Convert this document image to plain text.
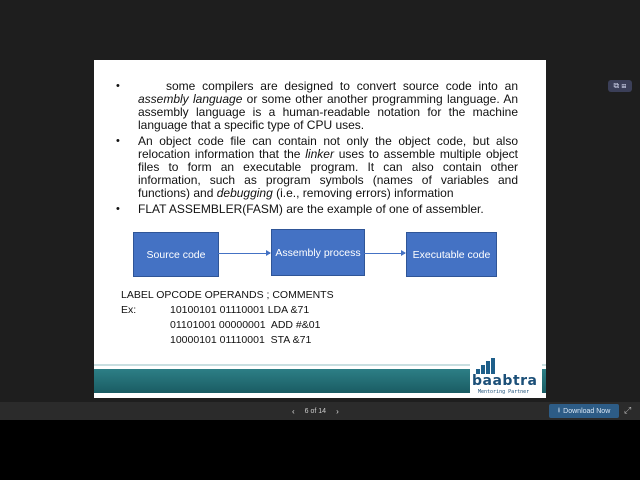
⧉ ⊞
•	some compilers are designed to convert source code into an assembly language or some other another programming language. An assembly language is a human-readable notation for the machine language that a specific type of CPU uses.
• An object code file can contain not only the object code, but also relocation information that the linker uses to assemble multiple object files to form an executable program. It can also contain other information, such as program symbols (names of variables and functions) and debugging (i.e., removing errors) information
• FLAT ASSEMBLER(FASM) are the example of one of assembler.
Source code	Assembly process	Executable code
LABEL OPCODE OPERANDS ; COMMENTS

Ex:

	10100101 01110001 LDA &71

01101001 00000001  ADD #&01

10000101 01110001  STA &71

baabtra
Mentoring Partner
‹ 6 of 14 ›	⭳ Download Now ⤢
